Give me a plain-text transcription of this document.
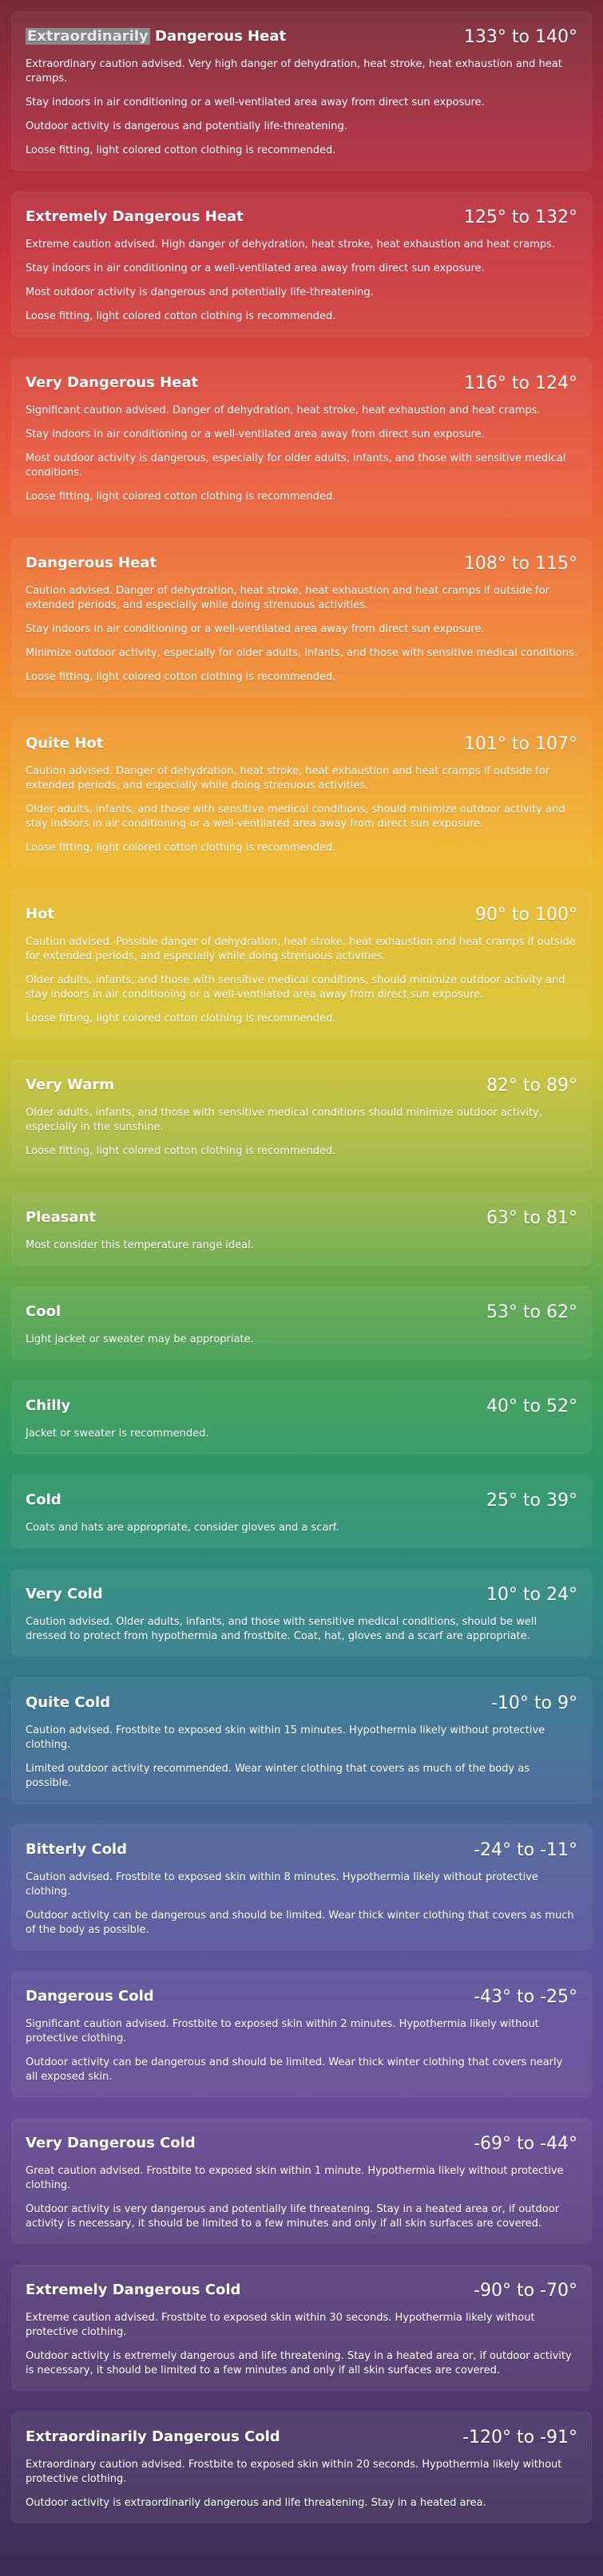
Extraordinarily Dangerous Heat	133° to 140°
Extraordinary caution advised. Very high danger of dehydration, heat stroke, heat exhaustion and heat cramps.
Stay indoors in air conditioning or a well-ventilated area away from direct sun exposure.
Outdoor activity is dangerous and potentially life-threatening.
Loose fitting, light colored cotton clothing is recommended.
Extremely Dangerous Heat	125° to 132°
Extreme caution advised. High danger of dehydration, heat stroke, heat exhaustion and heat cramps.
Stay indoors in air conditioning or a well-ventilated area away from direct sun exposure.
Most outdoor activity is dangerous and potentially life-threatening.
Loose fitting, light colored cotton clothing is recommended.
Very Dangerous Heat	116° to 124°
Significant caution advised. Danger of dehydration, heat stroke, heat exhaustion and heat cramps.
Stay indoors in air conditioning or a well-ventilated area away from direct sun exposure.
Most outdoor activity is dangerous, especially for older adults, infants, and those with sensitive medical conditions.
Loose fitting, light colored cotton clothing is recommended.
Dangerous Heat	108° to 115°
Caution advised. Danger of dehydration, heat stroke, heat exhaustion and heat cramps if outside for extended periods, and especially while doing strenuous activities.
Stay indoors in air conditioning or a well-ventilated area away from direct sun exposure.
Minimize outdoor activity, especially for older adults, infants, and those with sensitive medical conditions.
Loose fitting, light colored cotton clothing is recommended.
Quite Hot	101° to 107°
Caution advised. Danger of dehydration, heat stroke, heat exhaustion and heat cramps if outside for extended periods, and especially while doing strenuous activities.
Older adults, infants, and those with sensitive medical conditions, should minimize outdoor activity and stay indoors in air conditioning or a well-ventilated area away from direct sun exposure.
Loose fitting, light colored cotton clothing is recommended.
Hot	90° to 100°
Caution advised. Possible danger of dehydration, heat stroke, heat exhaustion and heat cramps if outside for extended periods, and especially while doing strenuous activities.
Older adults, infants, and those with sensitive medical conditions, should minimize outdoor activity and stay indoors in air conditioning or a well-ventilated area away from direct sun exposure.
Loose fitting, light colored cotton clothing is recommended.
Very Warm	82° to 89°
Older adults, infants, and those with sensitive medical conditions should minimize outdoor activity, especially in the sunshine.
Loose fitting, light colored cotton clothing is recommended.
Pleasant	63° to 81°
Most consider this temperature range ideal.
Cool	53° to 62°
Light jacket or sweater may be appropriate.
Chilly	40° to 52°
Jacket or sweater is recommended.
Cold	25° to 39°
Coats and hats are appropriate, consider gloves and a scarf.
Very Cold	10° to 24°
Caution advised. Older adults, infants, and those with sensitive medical conditions, should be well dressed to protect from hypothermia and frostbite. Coat, hat, gloves and a scarf are appropriate.
Quite Cold	-10° to 9°
Caution advised. Frostbite to exposed skin within 15 minutes. Hypothermia likely without protective clothing.
Limited outdoor activity recommended. Wear winter clothing that covers as much of the body as possible.
Bitterly Cold	-24° to -11°
Caution advised. Frostbite to exposed skin within 8 minutes. Hypothermia likely without protective clothing.
Outdoor activity can be dangerous and should be limited. Wear thick winter clothing that covers as much of the body as possible.
Dangerous Cold	-43° to -25°
Significant caution advised. Frostbite to exposed skin within 2 minutes. Hypothermia likely without protective clothing.
Outdoor activity can be dangerous and should be limited. Wear thick winter clothing that covers nearly all exposed skin.
Very Dangerous Cold	-69° to -44°
Great caution advised. Frostbite to exposed skin within 1 minute. Hypothermia likely without protective clothing.
Outdoor activity is very dangerous and potentially life threatening. Stay in a heated area or, if outdoor activity is necessary, it should be limited to a few minutes and only if all skin surfaces are covered.
Extremely Dangerous Cold	-90° to -70°
Extreme caution advised. Frostbite to exposed skin within 30 seconds. Hypothermia likely without protective clothing.
Outdoor activity is extremely dangerous and life threatening. Stay in a heated area or, if outdoor activity is necessary, it should be limited to a few minutes and only if all skin surfaces are covered.
Extraordinarily Dangerous Cold	-120° to -91°
Extraordinary caution advised. Frostbite to exposed skin within 20 seconds. Hypothermia likely without protective clothing.
Outdoor activity is extraordinarily dangerous and life threatening. Stay in a heated area.
